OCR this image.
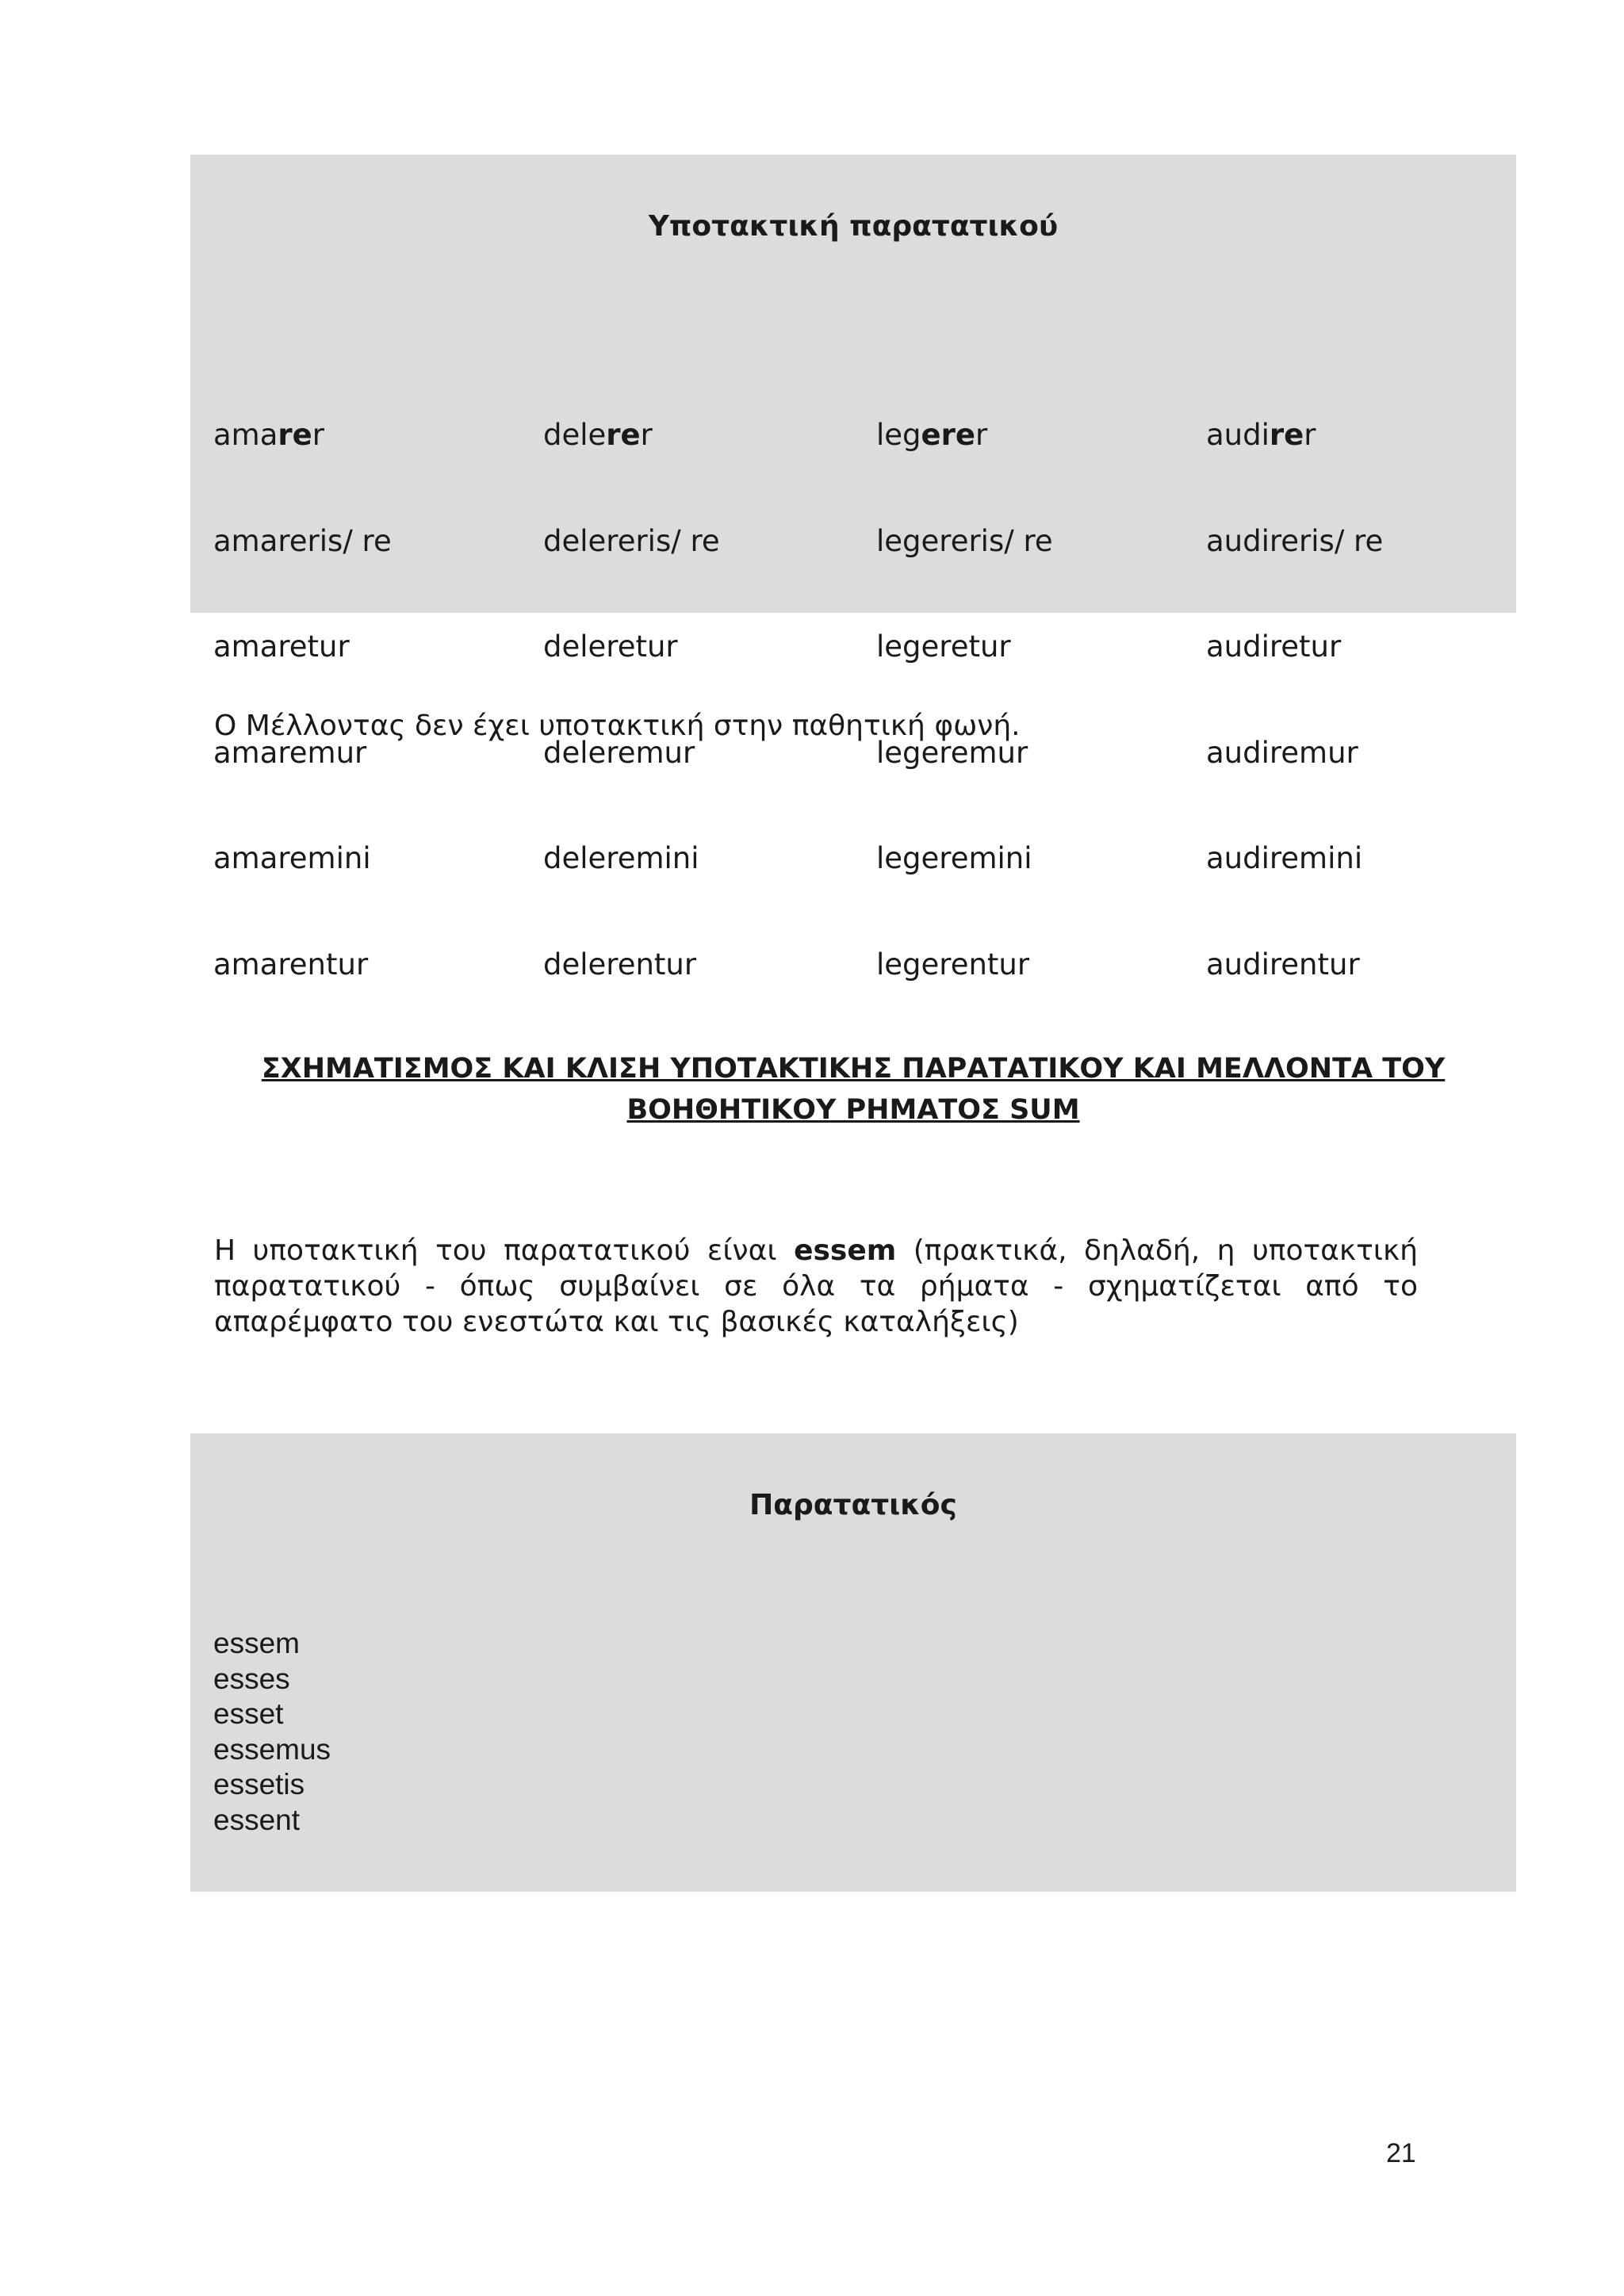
Υποτακτική παρατατικού

amarer

amareris/ re

amaretur

amaremur

amaremini

amarentur

delerer

delereris/ re

deleretur

deleremur

deleremini

delerentur

legerer

legereris/ re

legeretur

legeremur

legeremini

legerentur

audirer

audireris/ re

audiretur

audiremur

audiremini

audirentur

Ο Μέλλοντας δεν έχει υποτακτική στην παθητική φωνή.
ΣΧΗΜΑΤΙΣΜΟΣ ΚΑΙ ΚΛΙΣΗ ΥΠΟΤΑΚΤΙΚΗΣ ΠΑΡΑΤΑΤΙΚΟΥ ΚΑΙ ΜΕΛΛΟΝΤΑ ΤΟΥ
ΒΟΗΘΗΤΙΚΟΥ ΡΗΜΑΤΟΣ SUM
Η υποτακτική του παρατατικού είναι essem (πρακτικά, δηλαδή, η υποτακτική παρατατικού - όπως συμβαίνει σε όλα τα ρήματα - σχηματίζεται από το απαρέμφατο του ενεστώτα και τις βασικές καταλήξεις)
Παρατατικός
essem
esses
esset
essemus
essetis
essent
21
